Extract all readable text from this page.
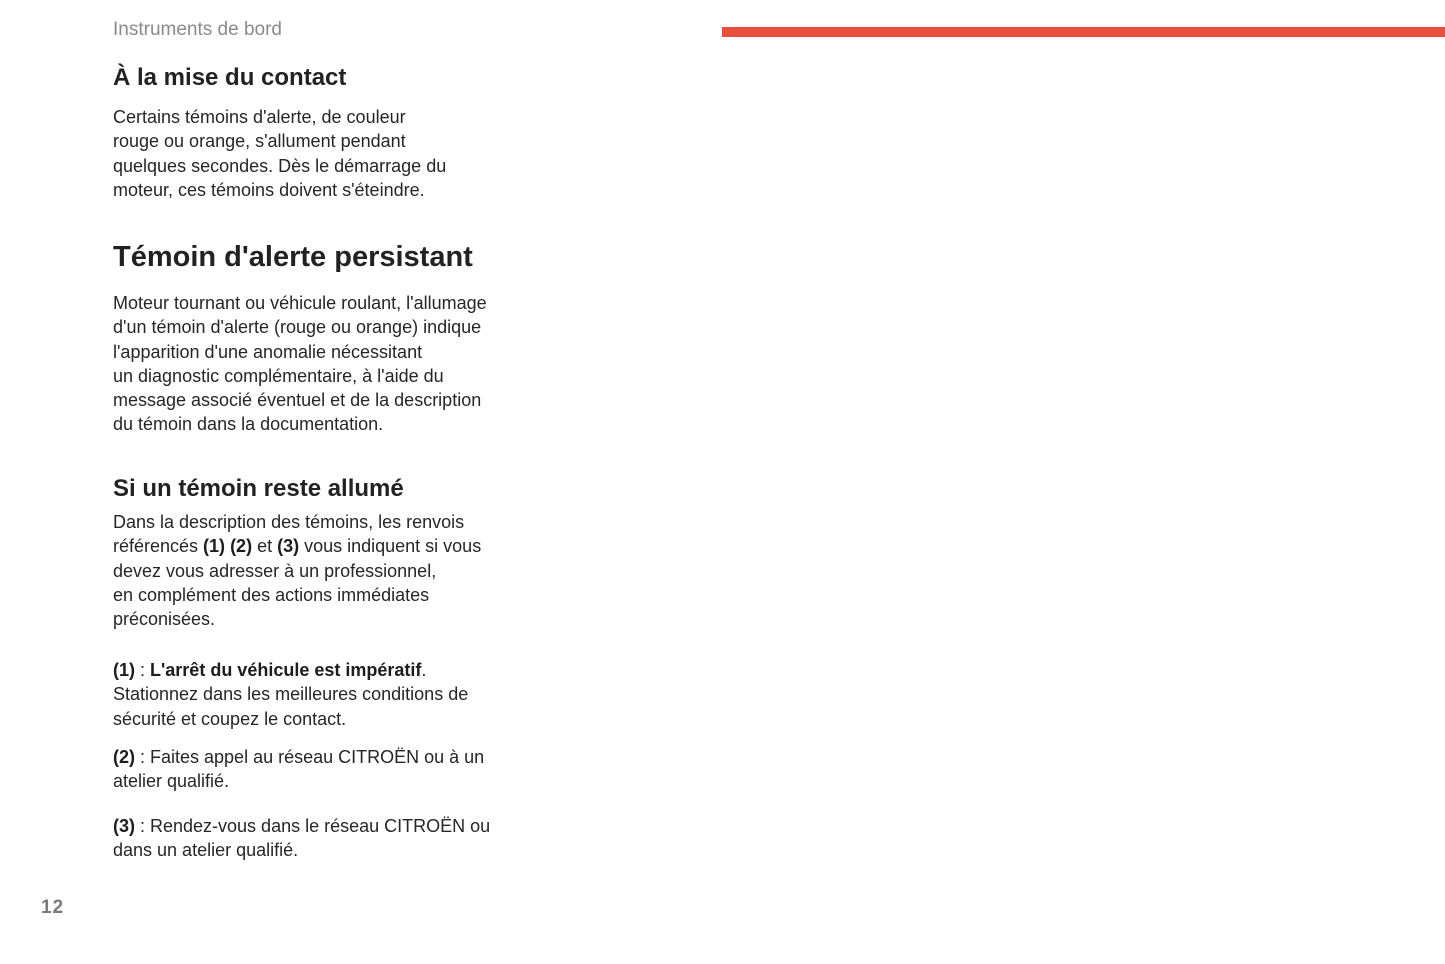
Instruments de bord

À la mise du contact

Certains témoins d'alerte, de couleur
rouge ou orange, s'allument pendant
quelques secondes. Dès le démarrage du
moteur, ces témoins doivent s'éteindre.

Témoin d'alerte persistant

Moteur tournant ou véhicule roulant, l'allumage
d'un témoin d'alerte (rouge ou orange) indique
l'apparition d'une anomalie nécessitant
un diagnostic complémentaire, à l'aide du
message associé éventuel et de la description
du témoin dans la documentation.

Si un témoin reste allumé

Dans la description des témoins, les renvois
référencés (1) (2) et (3) vous indiquent si vous
devez vous adresser à un professionnel,
en complément des actions immédiates
préconisées.

(1) : L'arrêt du véhicule est impératif.
Stationnez dans les meilleures conditions de
sécurité et coupez le contact.

(2) : Faites appel au réseau CITROËN ou à un
atelier qualifié.

(3) : Rendez-vous dans le réseau CITROËN ou
dans un atelier qualifié.

12
